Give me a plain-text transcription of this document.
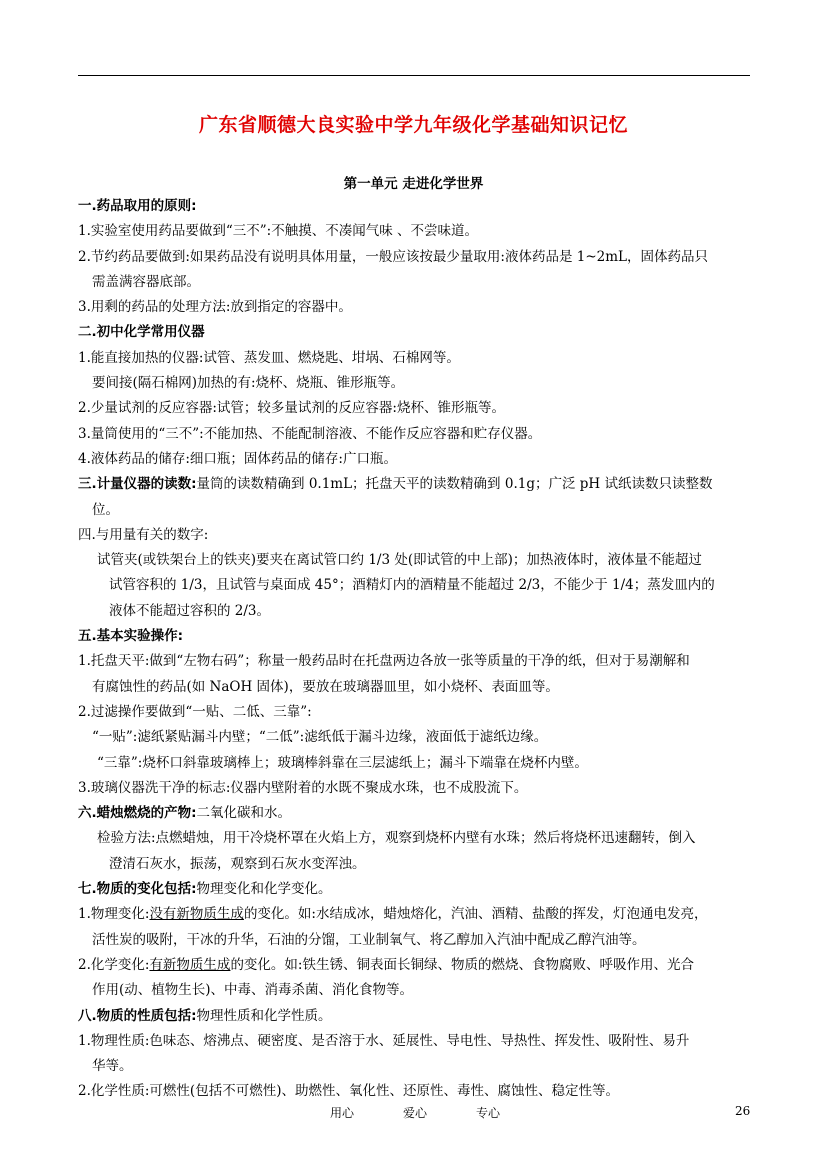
广东省顺德大良实验中学九年级化学基础知识记忆
第一单元 走进化学世界
一.药品取用的原则:
1.实验室使用药品要做到“三不”:不触摸、不凑闻气味 、不尝味道。
2.节约药品要做到:如果药品没有说明具体用量，一般应该按最少量取用:液体药品是 1~2mL，固体药品只
需盖满容器底部。
3.用剩的药品的处理方法:放到指定的容器中。
二.初中化学常用仪器
1.能直接加热的仪器:试管、蒸发皿、燃烧匙、坩埚、石棉网等。
要间接(隔石棉网)加热的有:烧杯、烧瓶、锥形瓶等。
2.少量试剂的反应容器:试管；较多量试剂的反应容器:烧杯、锥形瓶等。
3.量筒使用的“三不”:不能加热、不能配制溶液、不能作反应容器和贮存仪器。
4.液体药品的储存:细口瓶；固体药品的储存:广口瓶。
三.计量仪器的读数:量筒的读数精确到 0.1mL；托盘天平的读数精确到 0.1g；广泛 pH 试纸读数只读整数
位。
四.与用量有关的数字:
试管夹(或铁架台上的铁夹)要夹在离试管口约 1/3 处(即试管的中上部)；加热液体时，液体量不能超过
试管容积的 1/3，且试管与桌面成 45°；酒精灯内的酒精量不能超过 2/3，不能少于 1/4；蒸发皿内的
液体不能超过容积的 2/3。
五.基本实验操作:
1.托盘天平:做到“左物右码”；称量一般药品时在托盘两边各放一张等质量的干净的纸，但对于易潮解和
有腐蚀性的药品(如 NaOH 固体)，要放在玻璃器皿里，如小烧杯、表面皿等。
2.过滤操作要做到“一贴、二低、三靠”:
“一贴”:滤纸紧贴漏斗内壁；“二低”:滤纸低于漏斗边缘，液面低于滤纸边缘。
“三靠”:烧杯口斜靠玻璃棒上；玻璃棒斜靠在三层滤纸上；漏斗下端靠在烧杯内壁。
3.玻璃仪器洗干净的标志:仪器内壁附着的水既不聚成水珠，也不成股流下。
六.蜡烛燃烧的产物:二氧化碳和水。
检验方法:点燃蜡烛，用干冷烧杯罩在火焰上方，观察到烧杯内壁有水珠；然后将烧杯迅速翻转，倒入
澄清石灰水，振荡，观察到石灰水变浑浊。
七.物质的变化包括:物理变化和化学变化。
1.物理变化:没有新物质生成的变化。如:水结成冰，蜡烛熔化，汽油、酒精、盐酸的挥发，灯泡通电发亮，
活性炭的吸附，干冰的升华，石油的分馏，工业制氧气、将乙醇加入汽油中配成乙醇汽油等。
2.化学变化:有新物质生成的变化。如:铁生锈、铜表面长铜绿、物质的燃烧、食物腐败、呼吸作用、光合
作用(动、植物生长)、中毒、消毒杀菌、消化食物等。
八.物质的性质包括:物理性质和化学性质。
1.物理性质:色味态、熔沸点、硬密度、是否溶于水、延展性、导电性、导热性、挥发性、吸附性、易升
华等。
2.化学性质:可燃性(包括不可燃性)、助燃性、氧化性、还原性、毒性、腐蚀性、稳定性等。
用心	爱心	专心	26
